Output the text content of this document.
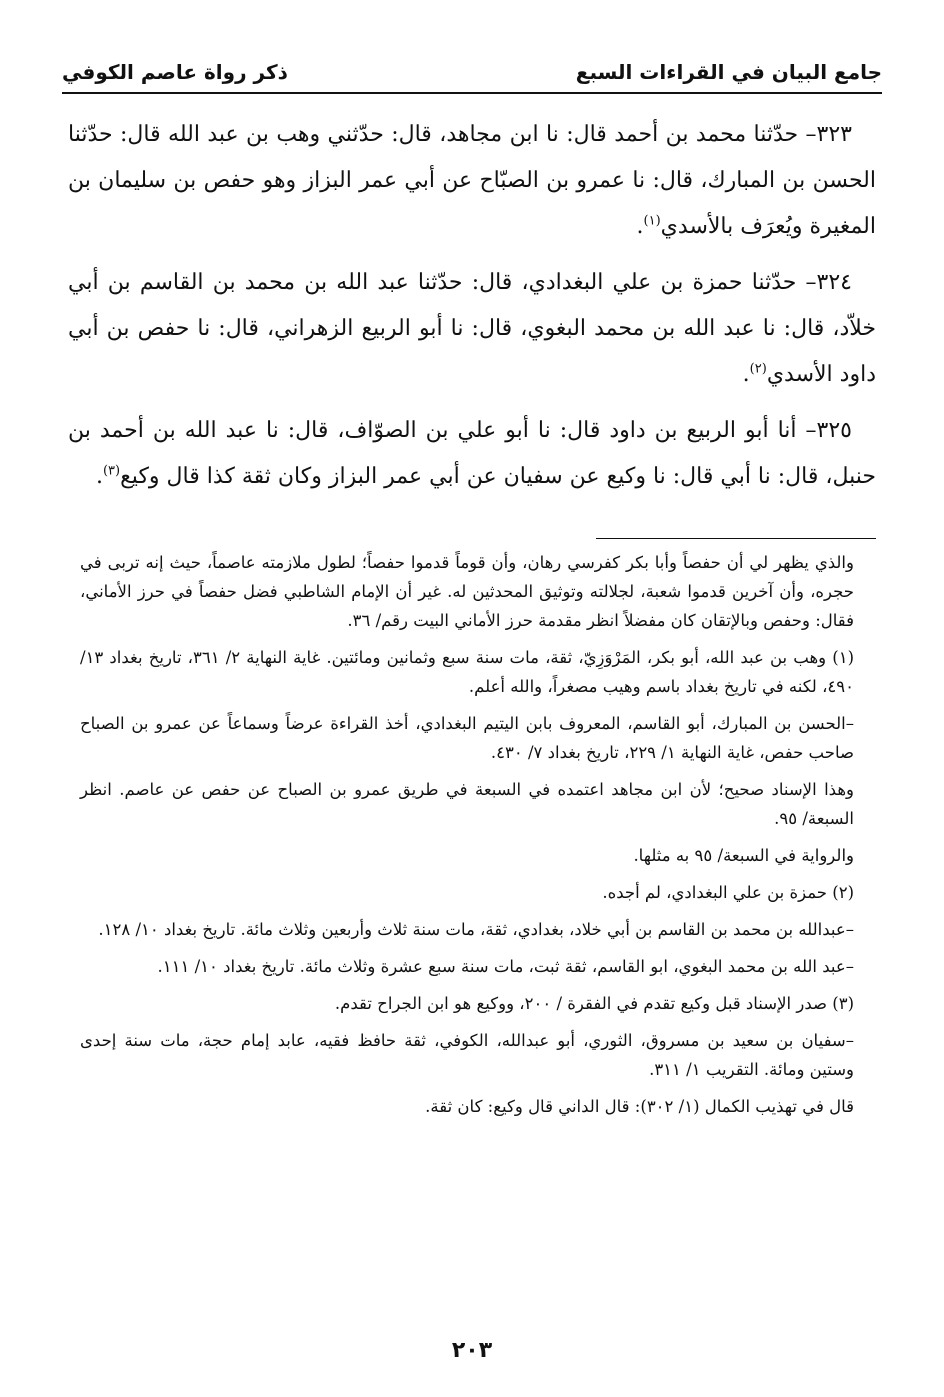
جامع البيان في القراءات السبع
ذكر رواة عاصم الكوفي

٣٢٣– حدّثنا محمد بن أحمد قال: نا ابن مجاهد، قال: حدّثني وهب بن عبد الله قال: حدّثنا الحسن بن المبارك، قال: نا عمرو بن الصبّاح عن أبي عمر البزاز وهو حفص بن سليمان بن المغيرة ويُعرَف بالأسدي$^{(١)}$.

٣٢٤– حدّثنا حمزة بن علي البغدادي، قال: حدّثنا عبد الله بن محمد بن القاسم بن أبي خلاّد، قال: نا عبد الله بن محمد البغوي، قال: نا أبو الربيع الزهراني، قال: نا حفص بن أبي داود الأسدي$^{(٢)}$.

٣٢٥– أنا أبو الربيع بن داود قال: نا أبو علي بن الصوّاف، قال: نا عبد الله بن أحمد بن حنبل، قال: نا أبي قال: نا وكيع عن سفيان عن أبي عمر البزاز وكان ثقة كذا قال وكيع$^{(٣)}$.

والذي يظهر لي أن حفصاً وأبا بكر كفرسي رهان، وأن قوماً قدموا حفصاً؛ لطول ملازمته عاصماً، حيث إنه تربى في حجره، وأن آخرين قدموا شعبة، لجلالته وتوثيق المحدثين له. غير أن الإمام الشاطبي فضل حفصاً في حرز الأماني، فقال: وحفص وبالإتقان كان مفضلاً انظر مقدمة حرز الأماني البيت رقم/ ٣٦.

(١) وهب بن عبد الله، أبو بكر، المَرْوَزِيّ، ثقة، مات سنة سبع وثمانين ومائتين. غاية النهاية ٢/ ٣٦١، تاريخ بغداد ١٣/ ٤٩٠، لكنه في تاريخ بغداد باسم وهيب مصغراً، والله أعلم.

–الحسن بن المبارك، أبو القاسم، المعروف بابن اليتيم البغدادي، أخذ القراءة عرضاً وسماعاً عن عمرو بن الصباح صاحب حفص، غاية النهاية ١/ ٢٢٩، تاريخ بغداد ٧/ ٤٣٠.

وهذا الإسناد صحيح؛ لأن ابن مجاهد اعتمده في السبعة في طريق عمرو بن الصباح عن حفص عن عاصم. انظر السبعة/ ٩٥.

والرواية في السبعة/ ٩٥ به مثلها.

(٢) حمزة بن علي البغدادي، لم أجده.

–عبدالله بن محمد بن القاسم بن أبي خلاد، بغدادي، ثقة، مات سنة ثلاث وأربعين وثلاث مائة. تاريخ بغداد ١٠/ ١٢٨.

–عبد الله بن محمد البغوي، ابو القاسم، ثقة ثبت، مات سنة سبع عشرة وثلاث مائة. تاريخ بغداد ١٠/ ١١١.

(٣) صدر الإسناد قبل وكيع تقدم في الفقرة / ٢٠٠، ووكيع هو ابن الجراح تقدم.

–سفيان بن سعيد بن مسروق، الثوري، أبو عبدالله، الكوفي، ثقة حافظ فقيه، عابد إمام حجة، مات سنة إحدى وستين ومائة. التقريب ١/ ٣١١.

قال في تهذيب الكمال (١/ ٣٠٢): قال الداني قال وكيع: كان ثقة.

٢٠٣
